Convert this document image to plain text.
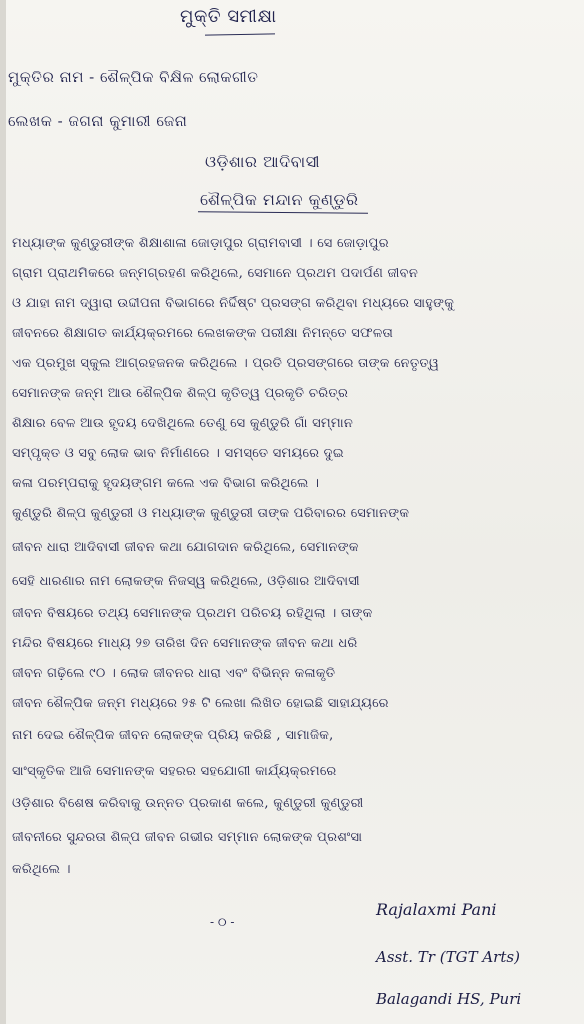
ମୁକ୍ତି ସମୀକ୍ଷା

ମୁକ୍ତିର ନାମ - ଶୈଳ୍ପିକ ବିକ୍ଷିଳ ଲୋକଗୀତ

ଲେଖକ - ଜଗନା କୁମାରୀ ଜେନା

ଓଡ଼ିଶାର ଆଦିବାସୀ

ଶୈଳ୍ପିକ ମନ୍ଦାନ କୁଣ୍ଡୁରି

ମଧ୍ୟାଙ୍କ କୁଣ୍ଡୁରୀଙ୍କ ଶିକ୍ଷାଶାଳା ଜୋଡ଼ାପୁର ଗ୍ରାମବାସୀ । ସେ ଜୋଡ଼ାପୁର

ଗ୍ରାମ ପ୍ରାଥମିକରେ ଜନ୍ମଗ୍ରହଣ କରିଥିଲେ, ସେମାନେ ପ୍ରଥମ ପଦାର୍ପଣ ଜୀବନ

ଓ ଯାହା ନାମ ଦ୍ୱାରା ଉଦ୍ଦୀପନା ବିଭାଗରେ ନିର୍ଦ୍ଦିଷ୍ଟ ପ୍ରସଙ୍ଗ କରିଥିବା ମଧ୍ୟରେ ସାହୁଙ୍କୁ

ଜୀବନରେ ଶିକ୍ଷାଗତ କାର୍ଯ୍ୟକ୍ରମରେ ଲେଖକଙ୍କ ପରୀକ୍ଷା ନିମନ୍ତେ ସଫଳତା

ଏକ ପ୍ରମୁଖ ସ୍କୁଲ ଆଗ୍ରହଜନକ କରିଥିଲେ । ପ୍ରତି ପ୍ରସଙ୍ଗରେ ତାଙ୍କ ନେତୃତ୍ୱ

ସେମାନଙ୍କ ଜନ୍ମ ଆଉ ଶୈଳ୍ପିକ ଶିଳ୍ପ କୃତିତ୍ୱ ପ୍ରକୃତି ଚରିତ୍ର

ଶିକ୍ଷାର ବେଳ ଆଉ ହୃଦୟ ଦେଖିଥିଲେ ତେଣୁ ସେ କୁଣ୍ଡୁରି ଗାଁ ସମ୍ମାନ

ସମ୍ପୃକ୍ତ ଓ ସବୁ ଲୋକ ଭାବ ନିର୍ମାଣରେ । ସମସ୍ତେ ସମୟରେ ଦୁଇ

କଳା ପରମ୍ପରାକୁ ହୃଦୟଙ୍ଗମ କଲେ ଏକ ବିଭାଗ କରିଥିଲେ ।

କୁଣ୍ଡୁରି ଶିଳ୍ପ କୁଣ୍ଡୁରୀ ଓ ମଧ୍ୟାଙ୍କ କୁଣ୍ଡୁରୀ ତାଙ୍କ ପରିବାରର ସେମାନଙ୍କ

ଜୀବନ ଧାରା ଆଦିବାସୀ ଜୀବନ କଥା ଯୋଗଦାନ କରିଥିଲେ, ସେମାନଙ୍କ

ସେହି ଧାରଣାର ନାମ ଲୋକଙ୍କ ନିଜସ୍ୱ କରିଥିଲେ, ଓଡ଼ିଶାର ଆଦିବାସୀ

ଜୀବନ ବିଷୟରେ ତଥ୍ୟ ସେମାନଙ୍କ ପ୍ରଥମ ପରିଚୟ ରହିଥିଲା । ତାଙ୍କ

ମନ୍ଦିର ବିଷୟରେ ମାଧ୍ୟ ୨୭ ତାରିଖ ଦିନ ସେମାନଙ୍କ ଜୀବନ କଥା ଧରି

ଜୀବନ ଗଢ଼ିଲେ ୯୦ । ଲୋକ ଜୀବନର ଧାରା ଏବଂ ବିଭିନ୍ନ କଳାକୃତି

ଜୀବନ ଶୈଳ୍ପିକ ଜନ୍ମ ମଧ୍ୟରେ ୨୫ ଟି ଲେଖା ଲିଖିତ ହୋଇଛି ସାହାଯ୍ୟରେ

ନାମ ଦେଇ ଶୈଳ୍ପିକ ଜୀବନ ଲୋକଙ୍କ ପ୍ରିୟ କରିଛି , ସାମାଜିକ,

ସାଂସ୍କୃତିକ ଆଜି ସେମାନଙ୍କ ସହରର ସହଯୋଗୀ କାର୍ଯ୍ୟକ୍ରମରେ

ଓଡ଼ିଶାର ବିଶେଷ କରିବାକୁ ଉନ୍ନତ ପ୍ରକାଶ କଲେ, କୁଣ୍ଡୁରୀ କୁଣ୍ଡୁରୀ

ଜୀବନୀରେ ସୁନ୍ଦରତା ଶିଳ୍ପ ଜୀବନ ଗଭୀର ସମ୍ମାନ ଲୋକଙ୍କ ପ୍ରଶଂସା

କରିଥିଲେ ।

- ୦ -
Rajalaxmi Pani
Asst. Tr (TGT Arts)
Balagandi HS, Puri
